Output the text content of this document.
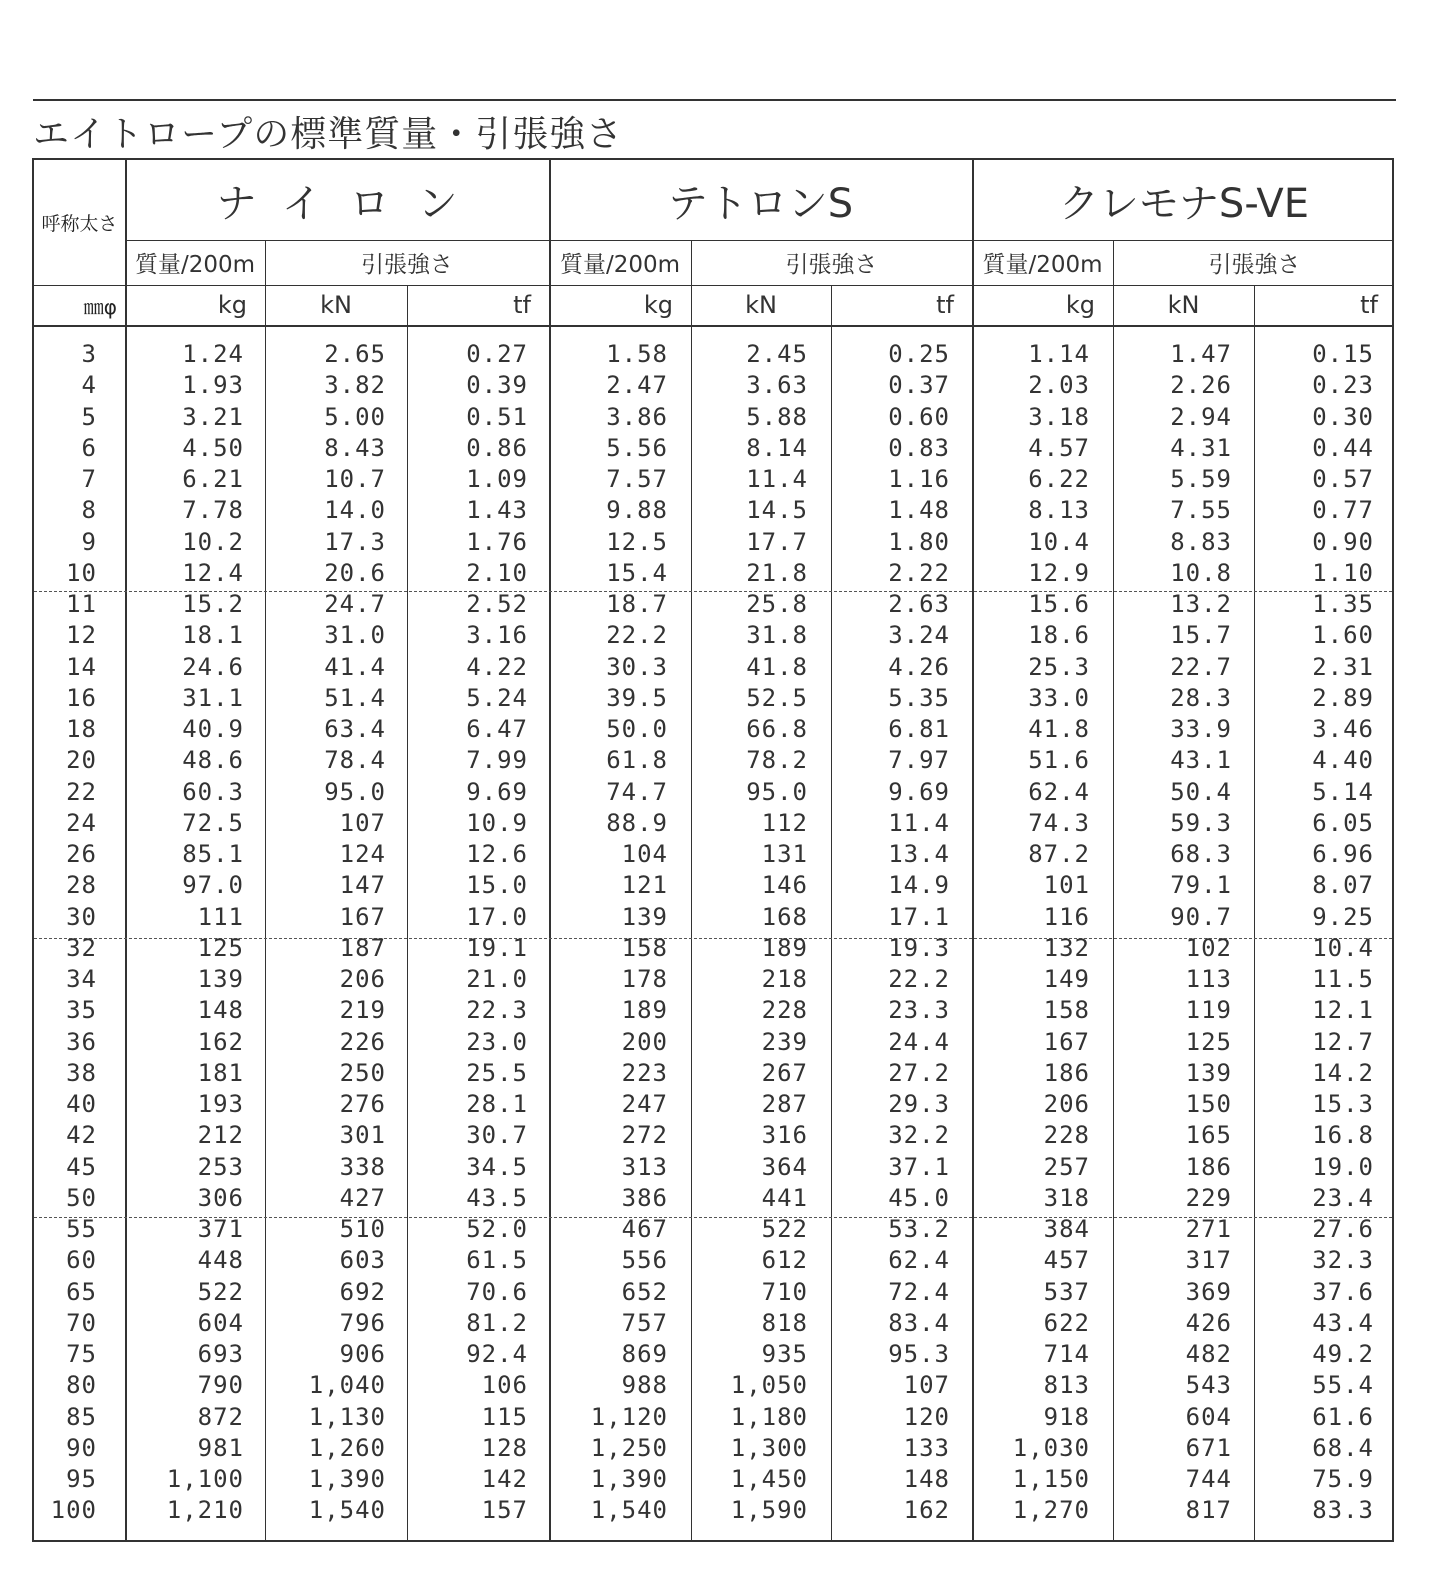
エイトロープの標準質量・引張強さ
呼称太さ
㎜φ
ナイロン	テトロンS	クレモナS-VE
質量/200m	引張強さ	質量/200m	引張強さ	質量/200m	引張強さ
kg	kN	tf	kg	kN	tf	kg	kN	tf
3	1.24	2.65	0.27	1.58	2.45	0.25	1.14	1.47	0.15
4	1.93	3.82	0.39	2.47	3.63	0.37	2.03	2.26	0.23
5	3.21	5.00	0.51	3.86	5.88	0.60	3.18	2.94	0.30
6	4.50	8.43	0.86	5.56	8.14	0.83	4.57	4.31	0.44
7	6.21	10.7	1.09	7.57	11.4	1.16	6.22	5.59	0.57
8	7.78	14.0	1.43	9.88	14.5	1.48	8.13	7.55	0.77
9	10.2	17.3	1.76	12.5	17.7	1.80	10.4	8.83	0.90
10	12.4	20.6	2.10	15.4	21.8	2.22	12.9	10.8	1.10
11	15.2	24.7	2.52	18.7	25.8	2.63	15.6	13.2	1.35
12	18.1	31.0	3.16	22.2	31.8	3.24	18.6	15.7	1.60
14	24.6	41.4	4.22	30.3	41.8	4.26	25.3	22.7	2.31
16	31.1	51.4	5.24	39.5	52.5	5.35	33.0	28.3	2.89
18	40.9	63.4	6.47	50.0	66.8	6.81	41.8	33.9	3.46
20	48.6	78.4	7.99	61.8	78.2	7.97	51.6	43.1	4.40
22	60.3	95.0	9.69	74.7	95.0	9.69	62.4	50.4	5.14
24	72.5	107	10.9	88.9	112	11.4	74.3	59.3	6.05
26	85.1	124	12.6	104	131	13.4	87.2	68.3	6.96
28	97.0	147	15.0	121	146	14.9	101	79.1	8.07
30	111	167	17.0	139	168	17.1	116	90.7	9.25
32	125	187	19.1	158	189	19.3	132	102	10.4
34	139	206	21.0	178	218	22.2	149	113	11.5
35	148	219	22.3	189	228	23.3	158	119	12.1
36	162	226	23.0	200	239	24.4	167	125	12.7
38	181	250	25.5	223	267	27.2	186	139	14.2
40	193	276	28.1	247	287	29.3	206	150	15.3
42	212	301	30.7	272	316	32.2	228	165	16.8
45	253	338	34.5	313	364	37.1	257	186	19.0
50	306	427	43.5	386	441	45.0	318	229	23.4
55	371	510	52.0	467	522	53.2	384	271	27.6
60	448	603	61.5	556	612	62.4	457	317	32.3
65	522	692	70.6	652	710	72.4	537	369	37.6
70	604	796	81.2	757	818	83.4	622	426	43.4
75	693	906	92.4	869	935	95.3	714	482	49.2
80	790	1,040	106	988	1,050	107	813	543	55.4
85	872	1,130	115	1,120	1,180	120	918	604	61.6
90	981	1,260	128	1,250	1,300	133	1,030	671	68.4
95	1,100	1,390	142	1,390	1,450	148	1,150	744	75.9
100	1,210	1,540	157	1,540	1,590	162	1,270	817	83.3
